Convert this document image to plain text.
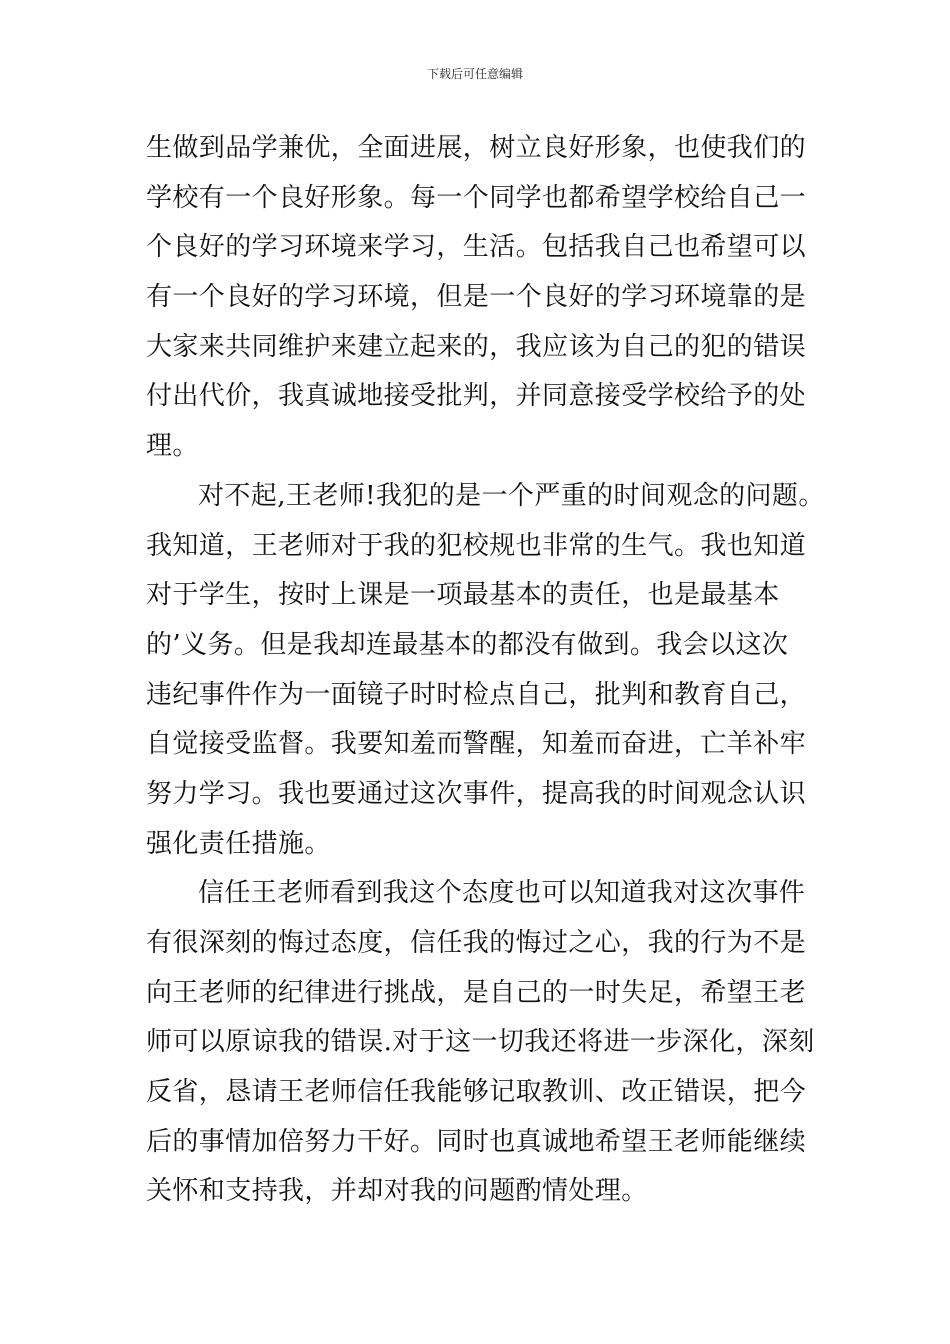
下载后可任意编辑
生做到品学兼优，全面进展，树立良好形象，也使我们的
学校有一个良好形象。每一个同学也都希望学校给自己一
个良好的学习环境来学习，生活。包括我自己也希望可以
有一个良好的学习环境，但是一个良好的学习环境靠的是
大家来共同维护来建立起来的，我应该为自己的犯的错误
付出代价，我真诚地接受批判，并同意接受学校给予的处
理。
对不起,王老师!我犯的是一个严重的时间观念的问题。
我知道，王老师对于我的犯校规也非常的生气。我也知道
对于学生，按时上课是一项最基本的责任，也是最基本
的’义务。但是我却连最基本的都没有做到。我会以这次
违纪事件作为一面镜子时时检点自己，批判和教育自己，
自觉接受监督。我要知羞而警醒，知羞而奋进，亡羊补牢
努力学习。我也要通过这次事件，提高我的时间观念认识
强化责任措施。
信任王老师看到我这个态度也可以知道我对这次事件
有很深刻的悔过态度，信任我的悔过之心，我的行为不是
向王老师的纪律进行挑战，是自己的一时失足，希望王老
师可以原谅我的错误.对于这一切我还将进一步深化，深刻
反省，恳请王老师信任我能够记取教训、改正错误，把今
后的事情加倍努力干好。同时也真诚地希望王老师能继续
关怀和支持我，并却对我的问题酌情处理。
